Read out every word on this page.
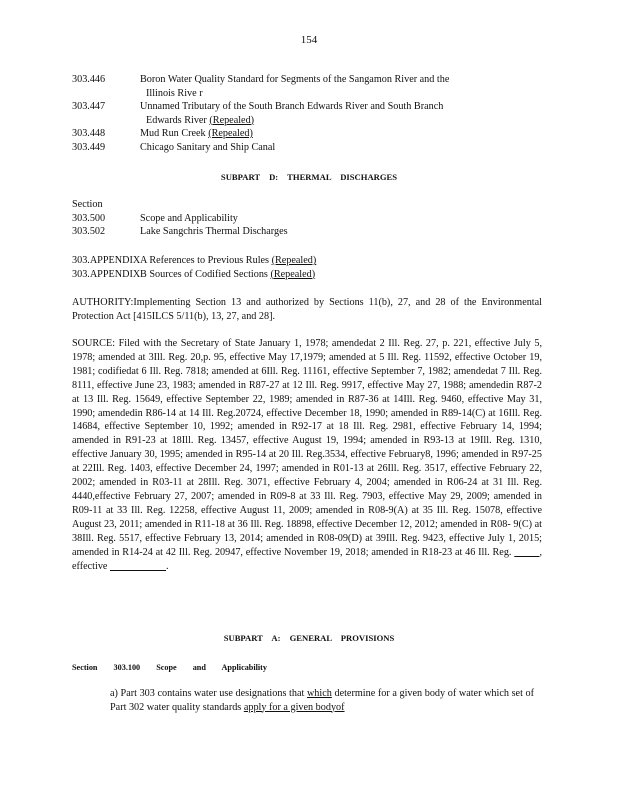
154
303.446	Boron Water Quality Standard for Segments of the Sangamon River and the
Illinois Rive r
303.447	Unnamed Tributary of the South Branch Edwards River and South Branch
Edwards River (Repealed)
303.448	Mud Run Creek (Repealed)
303.449	Chicago Sanitary and Ship Canal
SUBPART D: THERMAL DISCHARGES
Section
303.500	Scope and Applicability
303.502	Lake Sangchris Thermal Discharges
303.APPENDIX A References to Previous Rules (Repealed)
303.APPENDIX B Sources of Codified Sections (Repealed)
AUTHORITY:Implementing Section 13 and authorized by Sections 11(b), 27, and 28 of the Environmental Protection Act [415ILCS 5/11(b), 13, 27, and 28].
SOURCE: Filed with the Secretary of State January 1, 1978; amendedat 2 Ill. Reg. 27, p. 221, effective July 5, 1978; amended at 3Ill. Reg. 20,p. 95, effective May 17,1979; amended at 5 Ill. Reg. 11592, effective October 19, 1981; codifiedat 6 Ill. Reg. 7818; amended at 6Ill. Reg. 11161, effective September 7, 1982; amendedat 7 Ill. Reg. 8111, effective June 23, 1983; amended in R87-27 at 12 Ill. Reg. 9917, effective May 27, 1988; amendedin R87-2 at 13 Ill. Reg. 15649, effective September 22, 1989; amended in R87-36 at 14Ill. Reg. 9460, effective May 31, 1990; amendedin R86-14 at 14 Ill. Reg.20724, effective December 18, 1990; amended in R89-14(C) at 16Ill. Reg. 14684, effective September 10, 1992; amended in R92-17 at 18 Ill. Reg. 2981, effective February 14, 1994; amended in R91-23 at 18Ill. Reg. 13457, effective August 19, 1994; amended in R93-13 at 19Ill. Reg. 1310, effective January 30, 1995; amended in R95-14 at 20 Ill. Reg.3534, effective February8, 1996; amended in R97-25 at 22Ill. Reg. 1403, effective December 24, 1997; amended in R01-13 at 26Ill. Reg. 3517, effective February 22, 2002; amended in R03-11 at 28Ill. Reg. 3071, effective February 4, 2004; amended in R06-24 at 31 Ill. Reg. 4440,effective February 27, 2007; amended in R09-8 at 33 Ill. Reg. 7903, effective May 29, 2009; amended in R09-11 at 33 Ill. Reg. 12258, effective August 11, 2009; amended in R08-9(A) at 35 Ill. Reg. 15078, effective August 23, 2011; amended in R11-18 at 36 Ill. Reg. 18898, effective December 12, 2012; amended in R08- 9(C) at 38Ill. Reg. 5517, effective February 13, 2014; amended in R08-09(D) at 39Ill. Reg. 9423, effective July 1, 2015; amended in R14-24 at 42 Ill. Reg. 20947, effective November 19, 2018; amended in R18-23 at 46 Ill. Reg.	, effective	.
SUBPART A: GENERAL PROVISIONS
Section 303.100 Scope and Applicability
a) Part 303 contains water use designations that which determine for a given body of water which set of Part 302 water quality standards apply for a given bodyof
